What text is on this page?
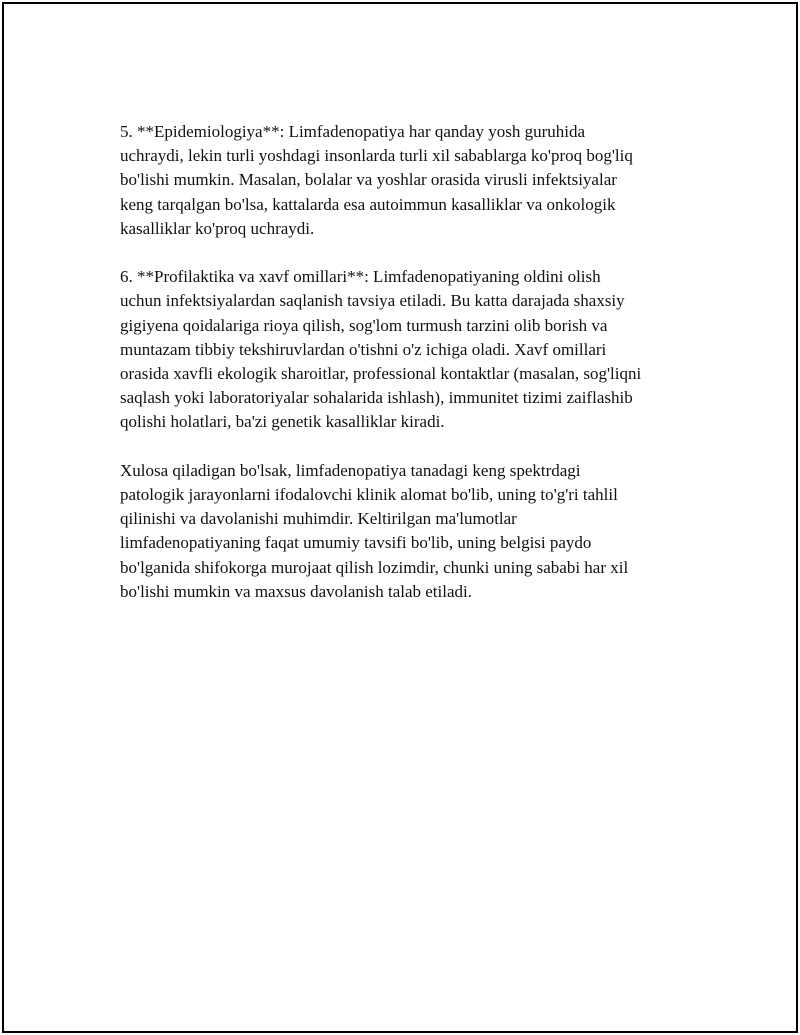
5. **Epidemiologiya**: Limfadenopatiya har qanday yosh guruhida
uchraydi, lekin turli yoshdagi insonlarda turli xil sabablarga ko'proq bog'liq
bo'lishi mumkin. Masalan, bolalar va yoshlar orasida virusli infektsiyalar
keng tarqalgan bo'lsa, kattalarda esa autoimmun kasalliklar va onkologik
kasalliklar ko'proq uchraydi.

6. **Profilaktika va xavf omillari**: Limfadenopatiyaning oldini olish
uchun infektsiyalardan saqlanish tavsiya etiladi. Bu katta darajada shaxsiy
gigiyena qoidalariga rioya qilish, sog'lom turmush tarzini olib borish va
muntazam tibbiy tekshiruvlardan o'tishni o'z ichiga oladi. Xavf omillari
orasida xavfli ekologik sharoitlar, professional kontaktlar (masalan, sog'liqni
saqlash yoki laboratoriyalar sohalarida ishlash), immunitet tizimi zaiflashib
qolishi holatlari, ba'zi genetik kasalliklar kiradi.

Xulosa qiladigan bo'lsak, limfadenopatiya tanadagi keng spektrdagi
patologik jarayonlarni ifodalovchi klinik alomat bo'lib, uning to'g'ri tahlil
qilinishi va davolanishi muhimdir. Keltirilgan ma'lumotlar
limfadenopatiyaning faqat umumiy tavsifi bo'lib, uning belgisi paydo
bo'lganida shifokorga murojaat qilish lozimdir, chunki uning sababi har xil
bo'lishi mumkin va maxsus davolanish talab etiladi.
